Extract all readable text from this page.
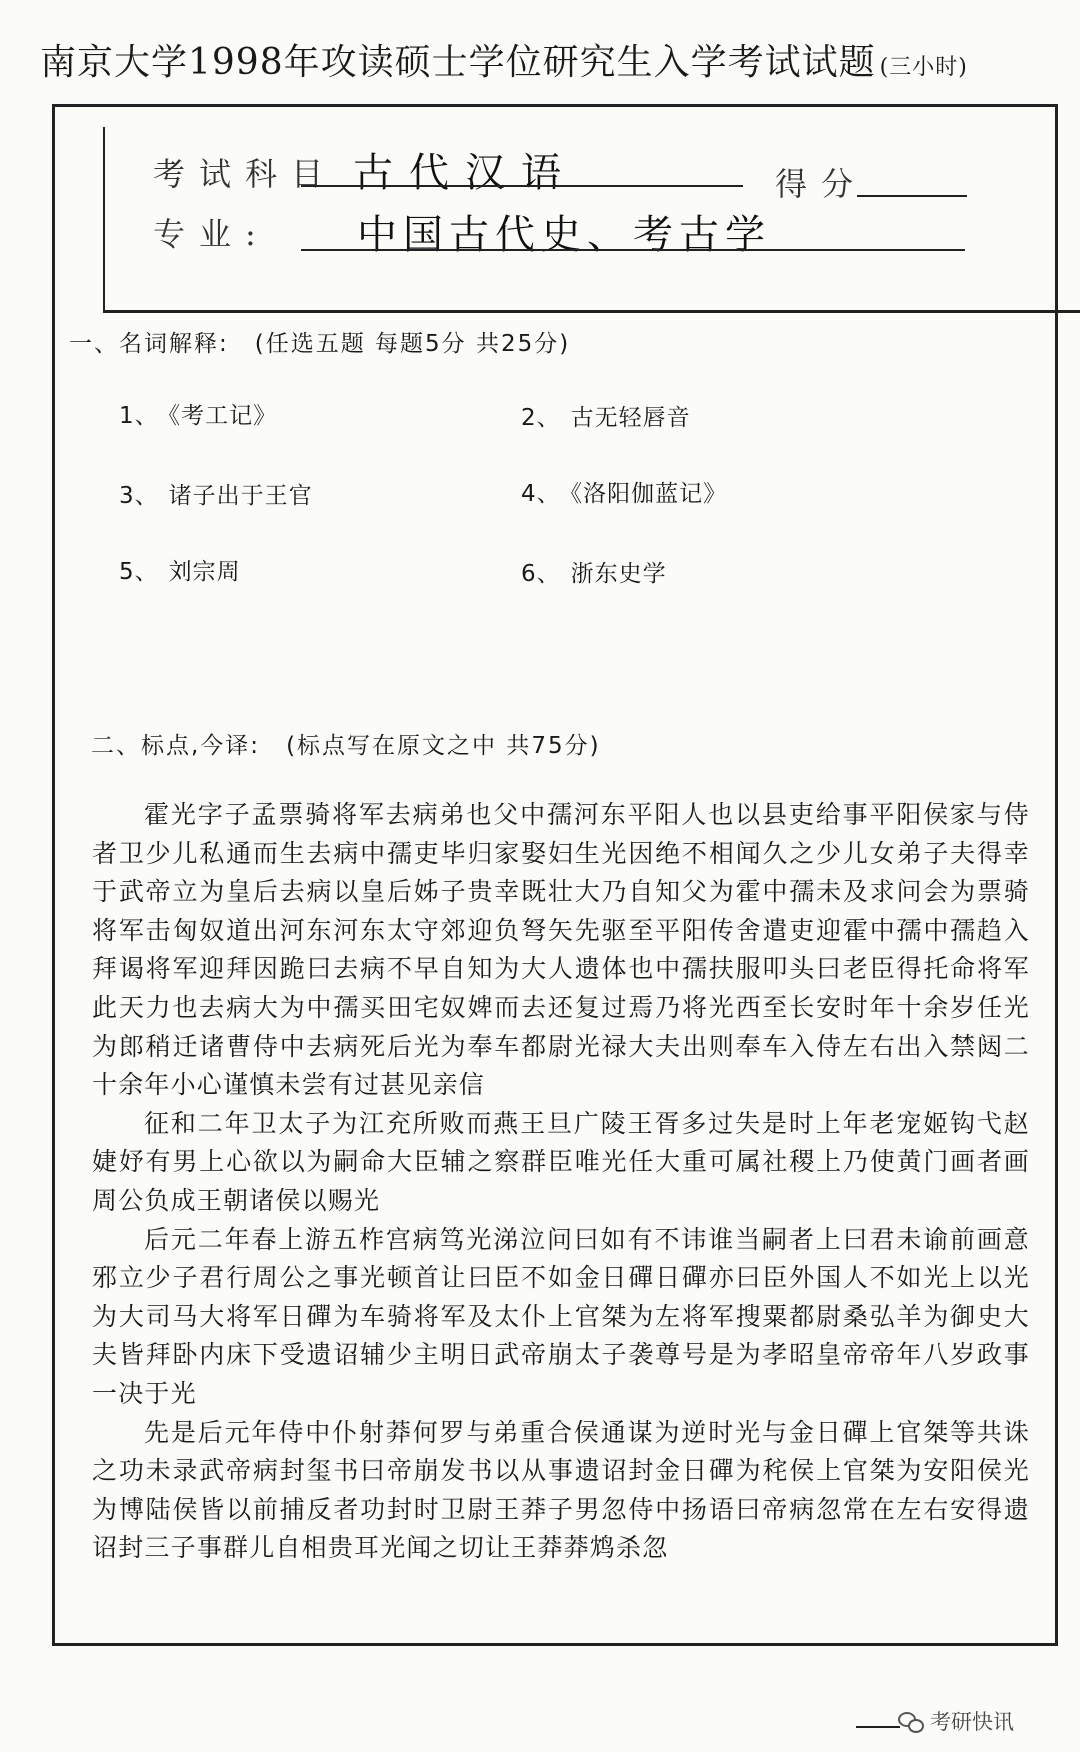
南京大学1998年攻读硕士学位研究生入学考试试题 (三小时)
考试科目 古代汉语	得分
专业: 中国古代史、考古学
一、名词解释: (任选五题 每题5分 共25分)
1、 《考工记》	2、 古无轻唇音
3、 诸子出于王官	4、 《洛阳伽蓝记》
5、 刘宗周	6、 浙东史学
二、标点,今译: (标点写在原文之中 共75分)

霍光字子孟票骑将军去病弟也父中孺河东平阳人也以县吏给事平阳侯家与侍者卫少儿私通而生去病中孺吏毕归家娶妇生光因绝不相闻久之少儿女弟子夫得幸于武帝立为皇后去病以皇后姊子贵幸既壮大乃自知父为霍中孺未及求问会为票骑将军击匈奴道出河东河东太守郊迎负弩矢先驱至平阳传舍遣吏迎霍中孺中孺趋入拜谒将军迎拜因跪曰去病不早自知为大人遗体也中孺扶服叩头曰老臣得托命将军此天力也去病大为中孺买田宅奴婢而去还复过焉乃将光西至长安时年十余岁任光为郎稍迁诸曹侍中去病死后光为奉车都尉光禄大夫出则奉车入侍左右出入禁闼二十余年小心谨慎未尝有过甚见亲信

征和二年卫太子为江充所败而燕王旦广陵王胥多过失是时上年老宠姬钩弋赵婕妤有男上心欲以为嗣命大臣辅之察群臣唯光任大重可属社稷上乃使黄门画者画周公负成王朝诸侯以赐光

后元二年春上游五柞宫病笃光涕泣问曰如有不讳谁当嗣者上曰君未谕前画意邪立少子君行周公之事光顿首让曰臣不如金日磾日磾亦曰臣外国人不如光上以光为大司马大将军日磾为车骑将军及太仆上官桀为左将军搜粟都尉桑弘羊为御史大夫皆拜卧内床下受遗诏辅少主明日武帝崩太子袭尊号是为孝昭皇帝帝年八岁政事一决于光

先是后元年侍中仆射莽何罗与弟重合侯通谋为逆时光与金日磾上官桀等共诛之功未录武帝病封玺书曰帝崩发书以从事遗诏封金日磾为秺侯上官桀为安阳侯光为博陆侯皆以前捕反者功封时卫尉王莽子男忽侍中扬语曰帝病忽常在左右安得遗诏封三子事群儿自相贵耳光闻之切让王莽莽鸩杀忽

考研快讯
